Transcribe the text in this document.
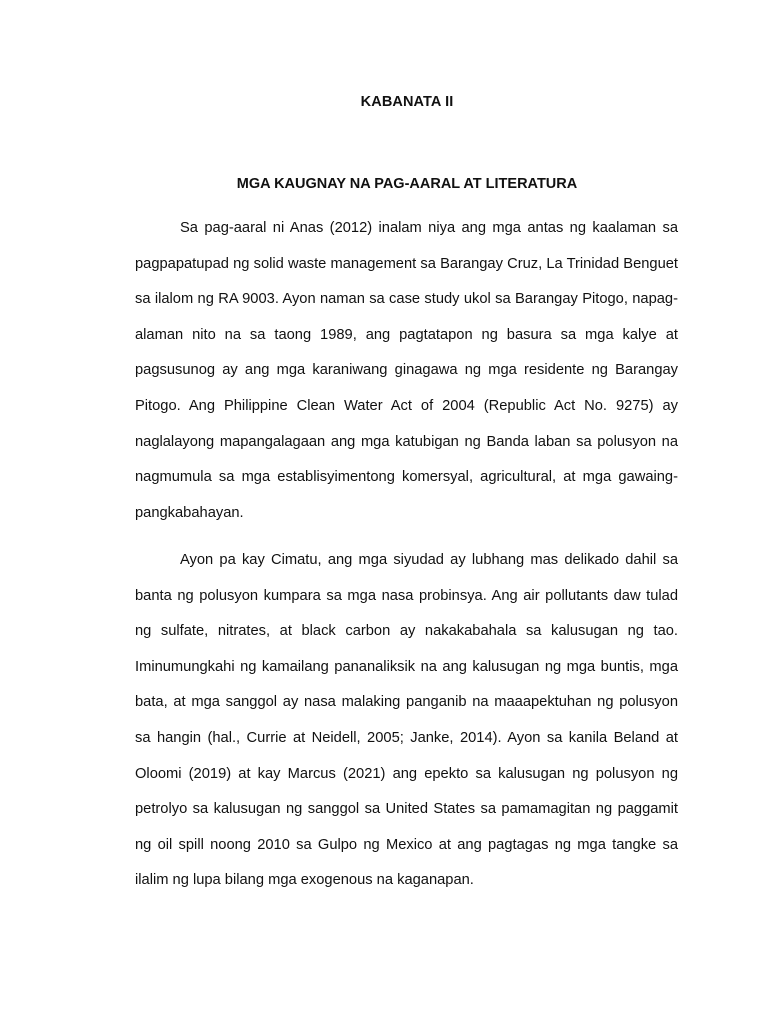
KABANATA II
MGA KAUGNAY NA PAG-AARAL AT LITERATURA

Sa pag-aaral ni Anas (2012) inalam niya ang mga antas ng kaalaman sa pagpapatupad ng solid waste management sa Barangay Cruz, La Trinidad Benguet sa ilalom ng RA 9003. Ayon naman sa case study ukol sa Barangay Pitogo, napag-alaman nito na sa taong 1989, ang pagtatapon ng basura sa mga kalye at pagsusunog ay ang mga karaniwang ginagawa ng mga residente ng Barangay Pitogo. Ang Philippine Clean Water Act of 2004 (Republic Act No. 9275) ay naglalayong mapangalagaan ang mga katubigan ng Banda laban sa polusyon na nagmumula sa mga establisyimentong komersyal, agricultural, at mga gawaing-pangkabahayan.

Ayon pa kay Cimatu, ang mga siyudad ay lubhang mas delikado dahil sa banta ng polusyon kumpara sa mga nasa probinsya. Ang air pollutants daw tulad ng sulfate, nitrates, at black carbon ay nakakabahala sa kalusugan ng tao. Iminumungkahi ng kamailang pananaliksik na ang kalusugan ng mga buntis, mga bata, at mga sanggol ay nasa malaking panganib na maaapektuhan ng polusyon sa hangin (hal., Currie at Neidell, 2005; Janke, 2014). Ayon sa kanila Beland at Oloomi (2019) at kay Marcus (2021) ang epekto sa kalusugan ng polusyon ng petrolyo sa kalusugan ng sanggol sa United States sa pamamagitan ng paggamit ng oil spill noong 2010 sa Gulpo ng Mexico at ang pagtagas ng mga tangke sa ilalim ng lupa bilang mga exogenous na kaganapan.
